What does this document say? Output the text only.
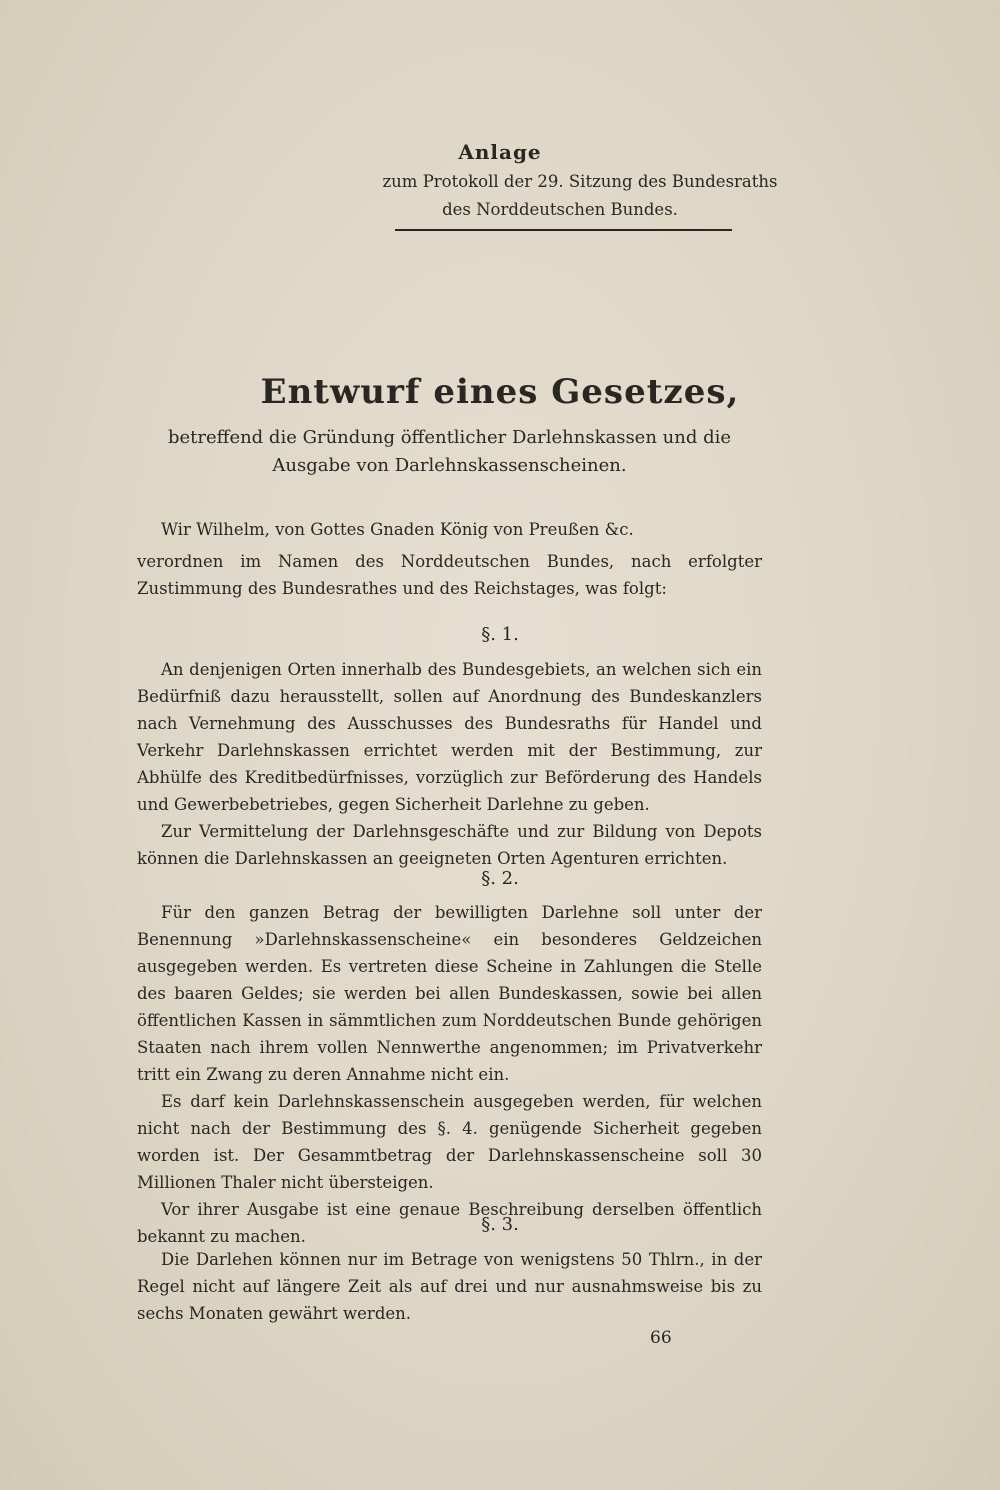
Anlage
zum Protokoll der 29. Sitzung des Bundesraths
des Norddeutschen Bundes.
Entwurf eines Gesetzes,
betreffend die Gründung öffentlicher Darlehnskassen und die Ausgabe von Darlehnskassenscheinen.

Wir Wilhelm, von Gottes Gnaden König von Preußen &c.

verordnen im Namen des Norddeutschen Bundes, nach erfolgter Zustimmung des Bundesrathes und des Reichstages, was folgt:

§. 1.

An denjenigen Orten innerhalb des Bundesgebiets, an welchen sich ein Bedürfniß dazu herausstellt, sollen auf Anordnung des Bundeskanzlers nach Vernehmung des Ausschusses des Bundesraths für Handel und Verkehr Darlehnskassen errichtet werden mit der Bestimmung, zur Abhülfe des Kreditbedürfnisses, vorzüglich zur Beförderung des Handels und Gewerbebetriebes, gegen Sicherheit Darlehne zu geben.

Zur Vermittelung der Darlehnsgeschäfte und zur Bildung von Depots können die Darlehnskassen an geeigneten Orten Agenturen errichten.

§. 2.

Für den ganzen Betrag der bewilligten Darlehne soll unter der Benennung »Darlehnskassenscheine« ein besonderes Geldzeichen ausgegeben werden. Es vertreten diese Scheine in Zahlungen die Stelle des baaren Geldes; sie werden bei allen Bundeskassen, sowie bei allen öffentlichen Kassen in sämmtlichen zum Norddeutschen Bunde gehörigen Staaten nach ihrem vollen Nennwerthe angenommen; im Privatverkehr tritt ein Zwang zu deren Annahme nicht ein.

Es darf kein Darlehnskassenschein ausgegeben werden, für welchen nicht nach der Bestimmung des §. 4. genügende Sicherheit gegeben worden ist. Der Gesammtbetrag der Darlehnskassenscheine soll 30 Millionen Thaler nicht übersteigen.

Vor ihrer Ausgabe ist eine genaue Beschreibung derselben öffentlich bekannt zu machen.

§. 3.

Die Darlehen können nur im Betrage von wenigstens 50 Thlrn., in der Regel nicht auf längere Zeit als auf drei und nur ausnahmsweise bis zu sechs Monaten gewährt werden.

66
